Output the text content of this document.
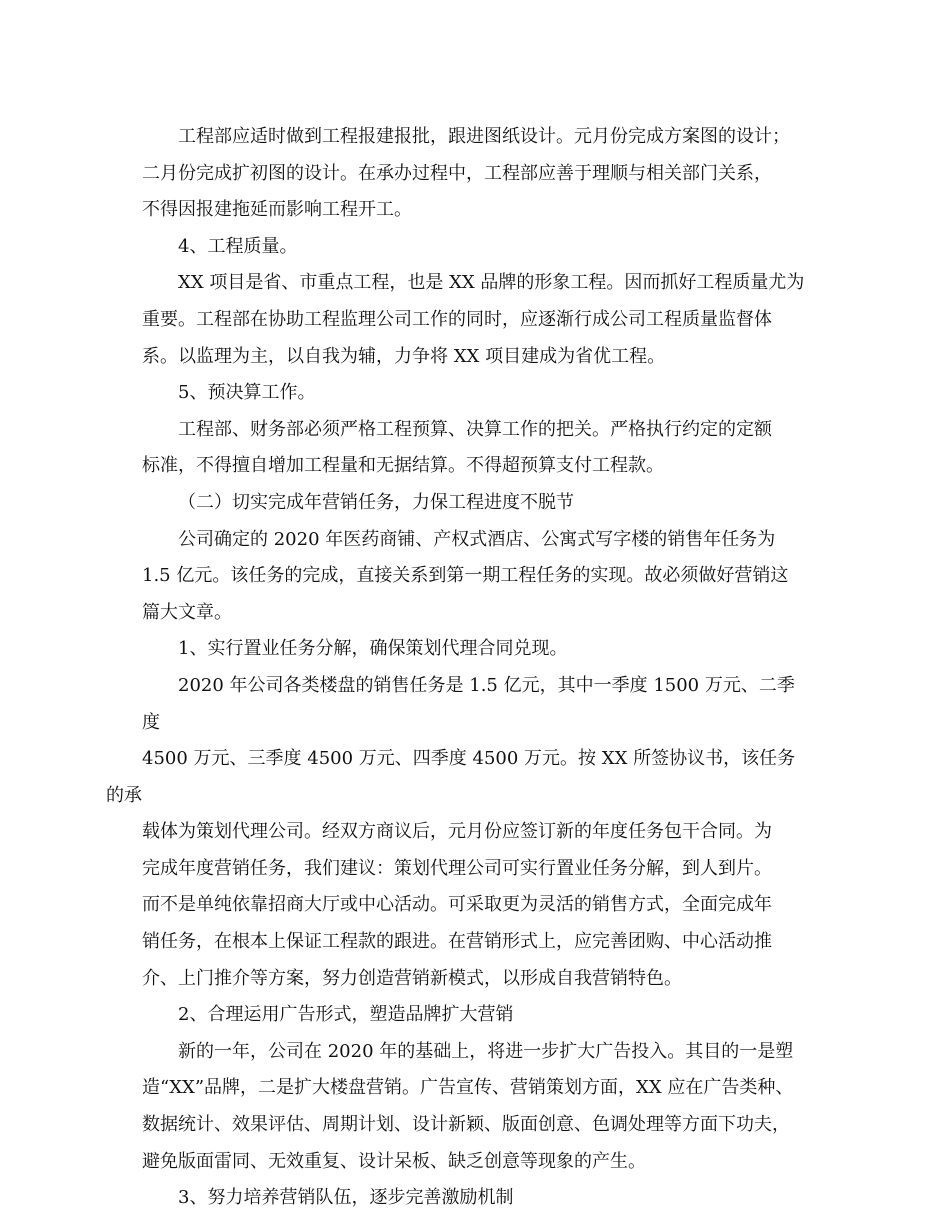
工程部应适时做到工程报建报批，跟进图纸设计。元月份完成方案图的设计；
二月份完成扩初图的设计。在承办过程中，工程部应善于理顺与相关部门关系，
不得因报建拖延而影响工程开工。

4、工程质量。

XX 项目是省、市重点工程，也是 XX 品牌的形象工程。因而抓好工程质量尤为
重要。工程部在协助工程监理公司工作的同时，应逐渐行成公司工程质量监督体
系。以监理为主，以自我为辅，力争将 XX 项目建成为省优工程。

5、预决算工作。

工程部、财务部必须严格工程预算、决算工作的把关。严格执行约定的定额
标准，不得擅自增加工程量和无据结算。不得超预算支付工程款。

（二）切实完成年营销任务，力保工程进度不脱节

公司确定的 2020 年医药商铺、产权式酒店、公寓式写字楼的销售年任务为
1.5 亿元。该任务的完成，直接关系到第一期工程任务的实现。故必须做好营销这
篇大文章。

1、实行置业任务分解，确保策划代理合同兑现。

2020 年公司各类楼盘的销售任务是 1.5 亿元，其中一季度 1500 万元、二季度
4500 万元、三季度 4500 万元、四季度 4500 万元。按 XX 所签协议书，该任务的承
载体为策划代理公司。经双方商议后，元月份应签订新的年度任务包干合同。为
完成年度营销任务，我们建议：策划代理公司可实行置业任务分解，到人到片。
而不是单纯依靠招商大厅或中心活动。可采取更为灵活的销售方式，全面完成年
销任务，在根本上保证工程款的跟进。在营销形式上，应完善团购、中心活动推
介、上门推介等方案，努力创造营销新模式，以形成自我营销特色。

2、合理运用广告形式，塑造品牌扩大营销

新的一年，公司在 2020 年的基础上，将进一步扩大广告投入。其目的一是塑
造“XX”品牌，二是扩大楼盘营销。广告宣传、营销策划方面，XX 应在广告类种、
数据统计、效果评估、周期计划、设计新颖、版面创意、色调处理等方面下功夫，
避免版面雷同、无效重复、设计呆板、缺乏创意等现象的产生。

3、努力培养营销队伍，逐步完善激励机制
